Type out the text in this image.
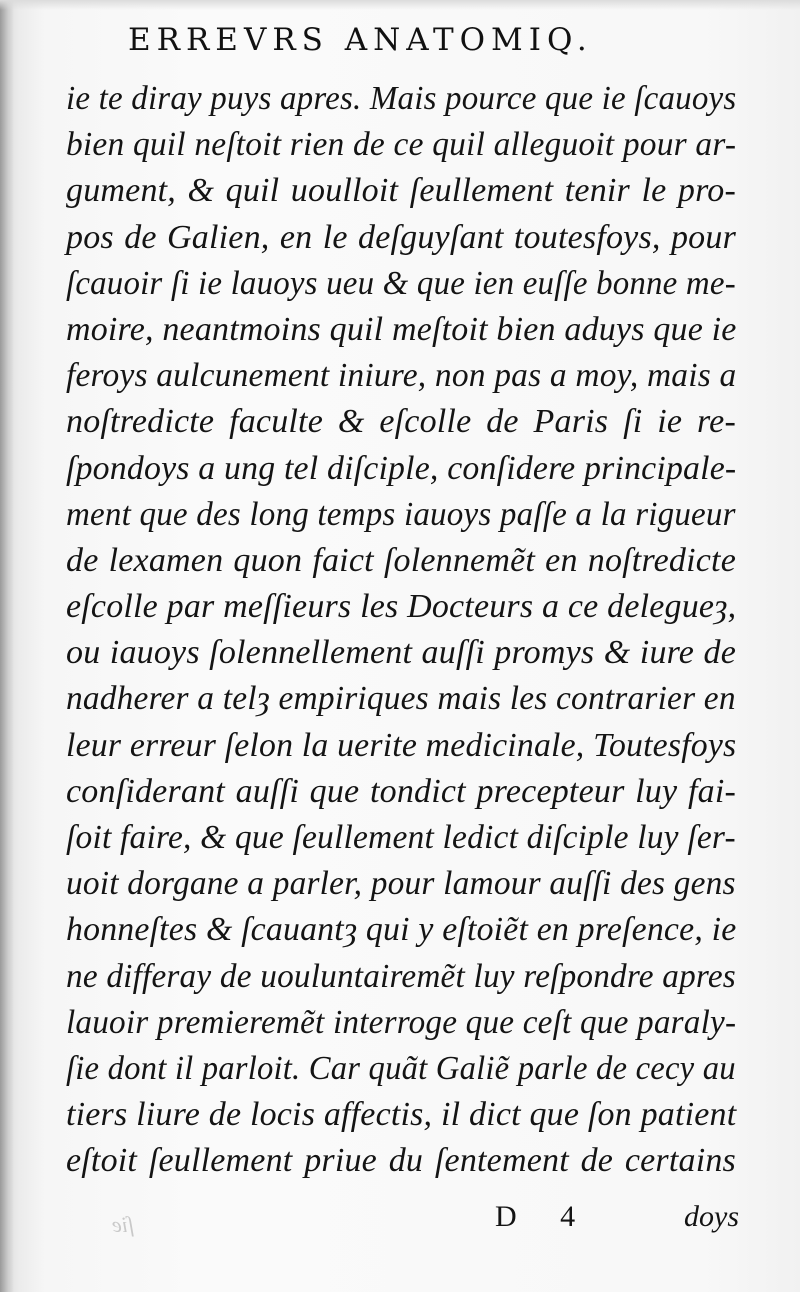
ERREVRS ANATOMIQ.
ie te diray puys apres. Mais pource que ie ſcauoys
bien quil neſtoit rien de ce quil alleguoit pour ar-
gument, & quil uoulloit ſeullement tenir le pro-
pos de Galien, en le deſguyſant toutesfoys, pour
ſcauoir ſi ie lauoys ueu & que ien euſſe bonne me-
moire, neantmoins quil meſtoit bien aduys que ie
feroys aulcunement iniure, non pas a moy, mais a
noſtredicte faculte & eſcolle de Paris ſi ie re-
ſpondoys a ung tel diſciple, conſidere principale-
ment que des long temps iauoys paſſe a la rigueur
de lexamen quon faict ſolennemẽt en noſtredicte
eſcolle par meſſieurs les Docteurs a ce delegueȝ,
ou iauoys ſolennellement auſſi promys & iure de
nadherer a telȝ empiriques mais les contrarier en
leur erreur ſelon la uerite medicinale, Toutesfoys
conſiderant auſſi que tondict precepteur luy fai-
ſoit faire, & que ſeullement ledict diſciple luy ſer-
uoit dorgane a parler, pour lamour auſſi des gens
honneſtes & ſcauantȝ qui y eſtoiẽt en preſence, ie
ne differay de uouluntairemẽt luy reſpondre apres
lauoir premieremẽt interroge que ceſt que paraly-
ſie dont il parloit. Car quãt Galiẽ parle de cecy au
tiers liure de locis affectis, il dict que ſon patient
eſtoit ſeullement priue du ſentement de certains
ſie	D 4	doys
